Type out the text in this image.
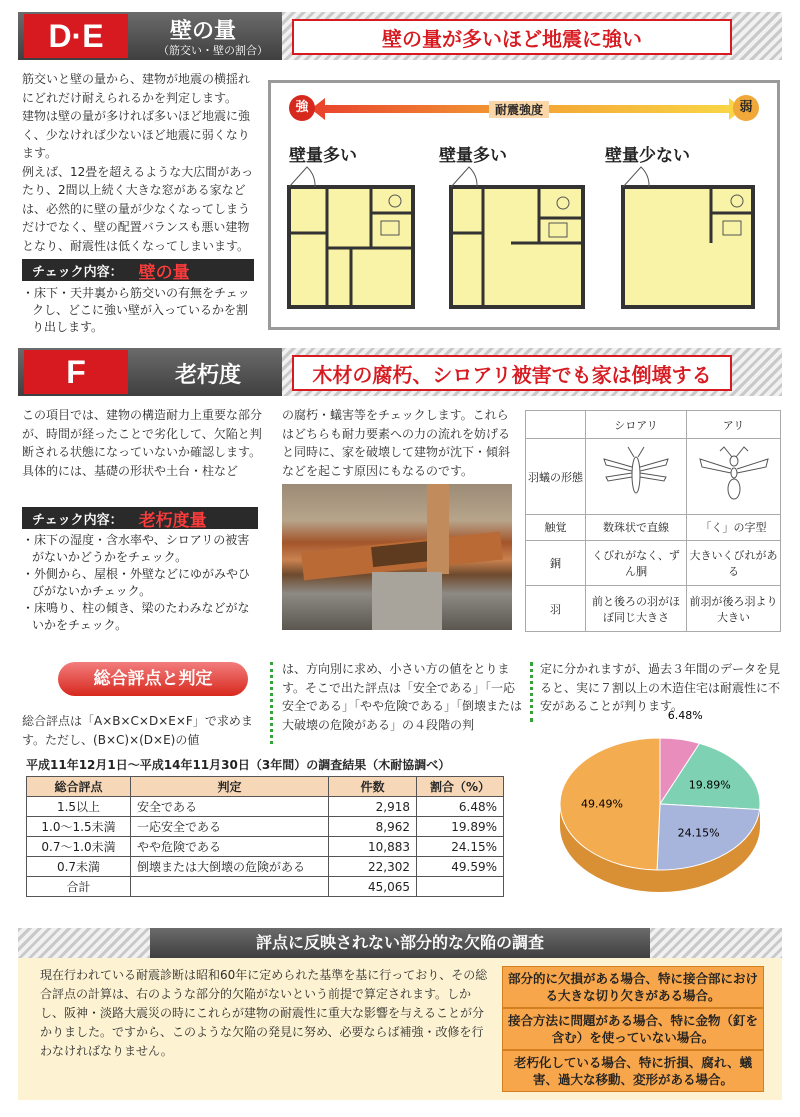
D·E	壁の量
（筋交い・壁の割合）	壁の量が多いほど地震に強い

筋交いと壁の量から、建物が地震の横揺れにどれだけ耐えられるかを判定します。

建物は壁の量が多ければ多いほど地震に強く、少なければ少ないほど地震に弱くなります。

例えば、12畳を超えるような大広間があったり、2間以上続く大きな窓がある家などは、必然的に壁の量が少なくなってしまうだけでなく、壁の配置バランスも悪い建物となり、耐震性は低くなってしまいます。

チェック内容： 壁の量
・床下・天井裏から筋交いの有無をチェックし、どこに強い壁が入っているかを割り出します。
強	弱
耐震強度
壁量多い	壁量多い	壁量少ない
F	老朽度	木材の腐朽、シロアリ被害でも家は倒壊する

この項目では、建物の構造耐力上重要な部分が、時間が経ったことで劣化して、欠陥と判断される状態になっていないか確認します。

具体的には、基礎の形状や土台・柱など

チェック内容： 老朽度量
・床下の湿度・含水率や、シロアリの被害がないかどうかをチェック。
・外側から、屋根・外壁などにゆがみやひびがないかチェック。
・床鳴り、柱の傾き、梁のたわみなどがないかをチェック。
の腐朽・蟻害等をチェックします。これらはどちらも耐力要素への力の流れを妨げると同時に、家を破壊して建物が沈下・傾斜などを起こす原因にもなるのです。
	シロアリ	アリ
羽蟻の形態		
触覚	数珠状で直線	「く」の字型
銅	くびれがなく、ずん胴	大きいくびれがある
羽	前と後ろの羽がほぼ同じ大きさ	前羽が後ろ羽より大きい
総合評点と判定
総合評点は「A×B×C×D×E×F」で求めます。ただし、(B×C)×(D×E)の値
は、方向別に求め、小さい方の値をとります。そこで出た評点は「安全である」「一応安全である」「やや危険である」「倒壊または大破壊の危険がある」の４段階の判
定に分かれますが、過去３年間のデータを見ると、実に７割以上の木造住宅は耐震性に不安があることが判ります。
平成11年12月1日〜平成14年11月30日（3年間）の調査結果（木耐協調べ）
総合評点	判定	件数	割合（%）
1.5以上	安全である	2,918	6.48%
1.0〜1.5未満	一応安全である	8,962	19.89%
0.7〜1.0未満	やや危険である	10,883	24.15%
0.7未満	倒壊または大倒壊の危険がある	22,302	49.59%
合計		45,065	
6.48%
19.89%
24.15%
49.49%
評点に反映されない部分的な欠陥の調査
現在行われている耐震診断は昭和60年に定められた基準を基に行っており、その総合評点の計算は、右のような部分的欠陥がないという前提で算定されます。しかし、阪神・淡路大震災の時にこれらが建物の耐震性に重大な影響を与えることが分かりました。ですから、このような欠陥の発見に努め、必要ならば補強・改修を行わなければなりません。
部分的に欠損がある場合、特に接合部における大きな切り欠きがある場合。
接合方法に問題がある場合、特に金物（釘を含む）を使っていない場合。
老朽化している場合、特に折損、腐れ、蟻害、過大な移動、変形がある場合。
